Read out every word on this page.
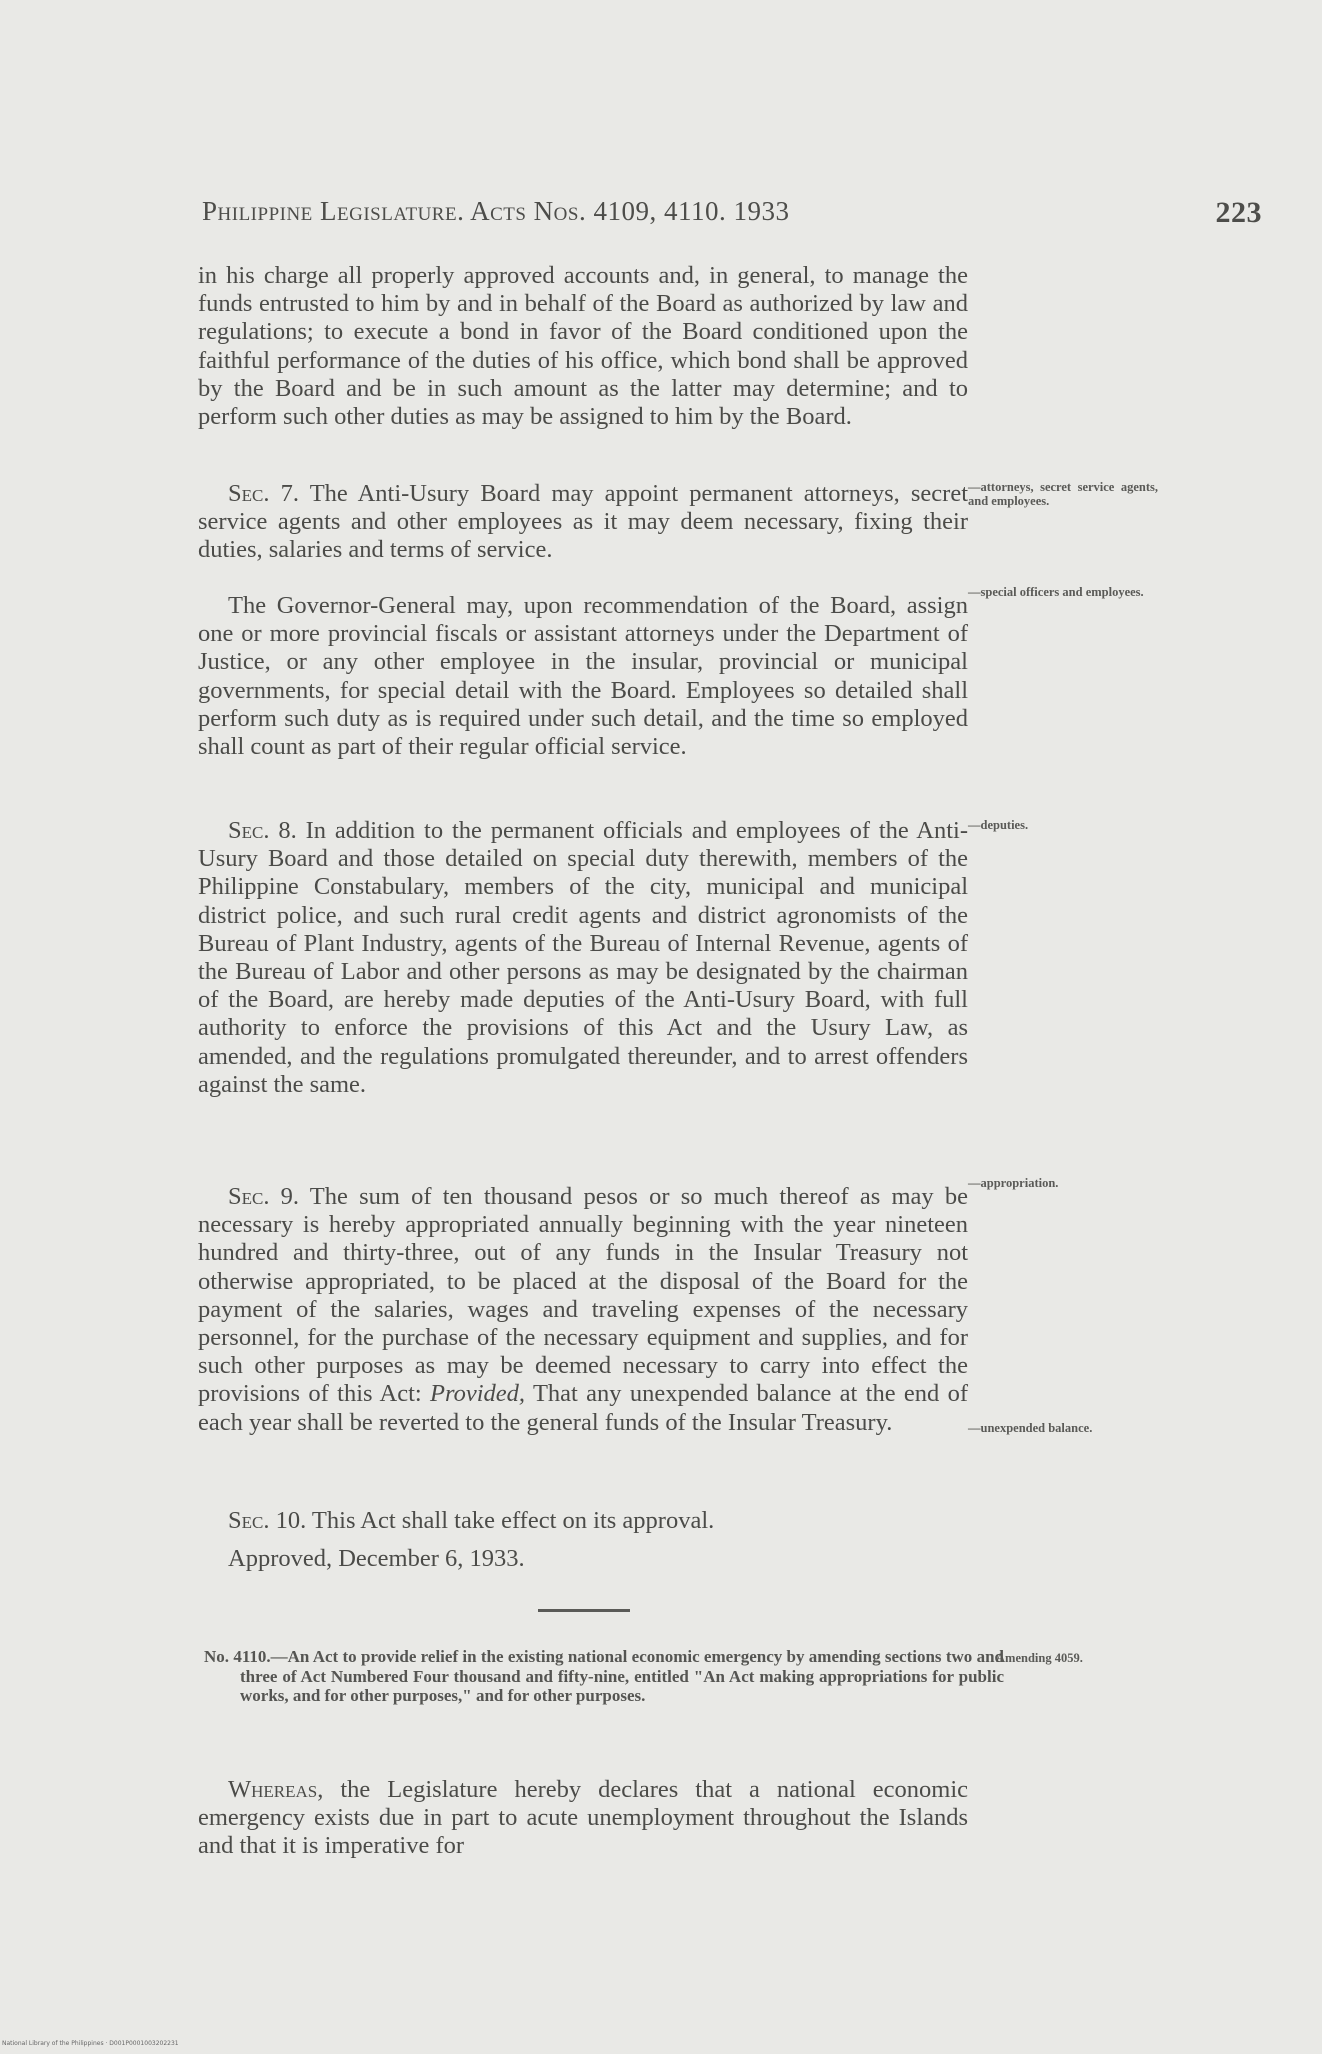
Philippine Legislature. Acts Nos. 4109, 4110. 1933	223

in his charge all properly approved accounts and, in general, to manage the funds entrusted to him by and in behalf of the Board as authorized by law and regulations; to execute a bond in favor of the Board conditioned upon the faithful performance of the duties of his office, which bond shall be approved by the Board and be in such amount as the latter may determine; and to perform such other duties as may be assigned to him by the Board.

Sec. 7. The Anti-Usury Board may appoint permanent attorneys, secret service agents and other employees as it may deem necessary, fixing their duties, salaries and terms of service.

The Governor-General may, upon recommendation of the Board, assign one or more provincial fiscals or assistant attorneys under the Department of Justice, or any other employee in the insular, provincial or municipal governments, for special detail with the Board. Employees so detailed shall perform such duty as is required under such detail, and the time so employed shall count as part of their regular official service.

Sec. 8. In addition to the permanent officials and employees of the Anti-Usury Board and those detailed on special duty therewith, members of the Philippine Constabulary, members of the city, municipal and municipal district police, and such rural credit agents and district agronomists of the Bureau of Plant Industry, agents of the Bureau of Internal Revenue, agents of the Bureau of Labor and other persons as may be designated by the chairman of the Board, are hereby made deputies of the Anti-Usury Board, with full authority to enforce the provisions of this Act and the Usury Law, as amended, and the regulations promulgated thereunder, and to arrest offenders against the same.

Sec. 9. The sum of ten thousand pesos or so much thereof as may be necessary is hereby appropriated annually beginning with the year nineteen hundred and thirty-three, out of any funds in the Insular Treasury not otherwise appropriated, to be placed at the disposal of the Board for the payment of the salaries, wages and traveling expenses of the necessary personnel, for the purchase of the necessary equipment and supplies, and for such other purposes as may be deemed necessary to carry into effect the provisions of this Act: Provided, That any unexpended balance at the end of each year shall be reverted to the general funds of the Insular Treasury.

Sec. 10. This Act shall take effect on its approval.

Approved, December 6, 1933.

—attorneys, secret service agents, and employees.
—special officers and employees.
—deputies.
—appropriation.
—unexpended balance.
Amending 4059.
No. 4110.—An Act to provide relief in the existing national economic emergency by amending sections two and three of Act Numbered Four thousand and fifty-nine, entitled "An Act making appropriations for public works, and for other purposes," and for other purposes.

Whereas, the Legislature hereby declares that a national economic emergency exists due in part to acute unemployment throughout the Islands and that it is imperative for

National Library of the Philippines · D001P0001003202231
